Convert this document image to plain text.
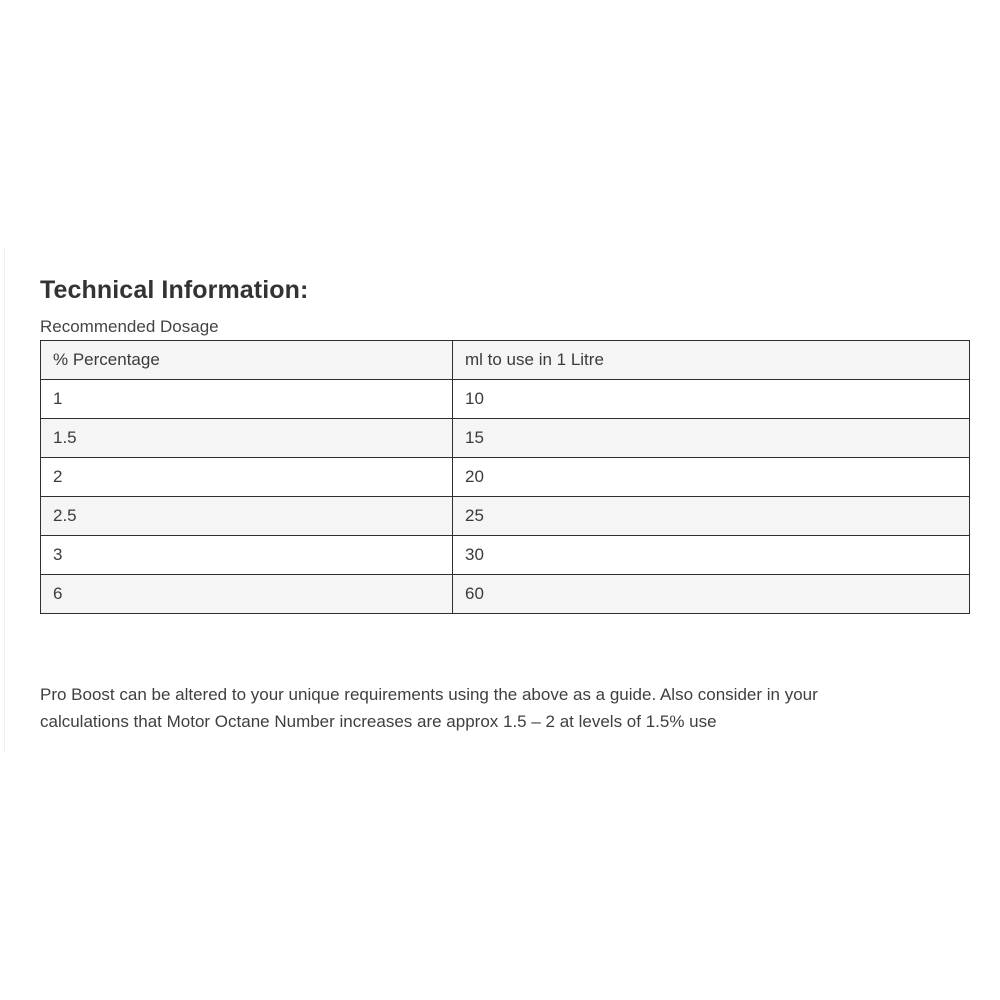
Technical Information:
Recommended Dosage
% Percentage	ml to use in 1 Litre
1	10
1.5	15
2	20
2.5	25
3	30
6	60

Pro Boost can be altered to your unique requirements using the above as a guide. Also consider in your
calculations that Motor Octane Number increases are approx 1.5 – 2 at levels of 1.5% use
